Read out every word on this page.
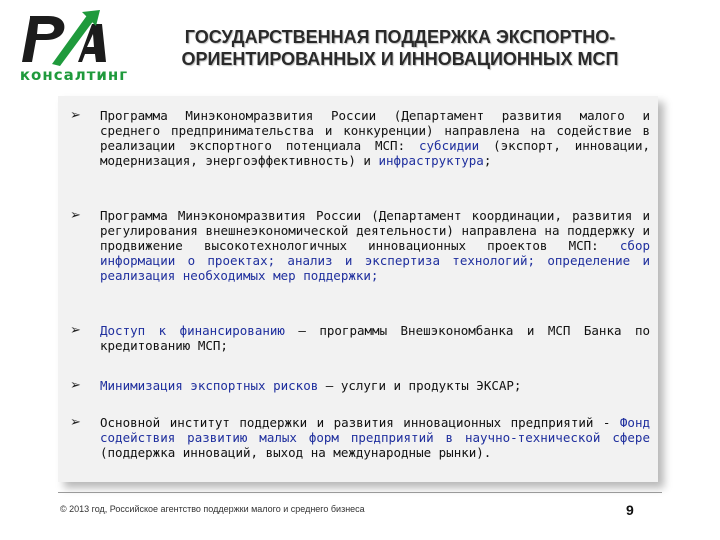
консалтинг
ГОСУДАРСТВЕННАЯ ПОДДЕРЖКА ЭКСПОРТНО-
ОРИЕНТИРОВАННЫХ И ИННОВАЦИОННЫХ МСП
➢	Программа Минэкономразвития России (Департамент развития малого и среднего предпринимательства и конкуренции) направлена на содействие в реализации экспортного потенциала МСП: субсидии (экспорт, инновации, модернизация, энергоэффективность) и инфраструктура;
➢	Программа Минэкономразвития России (Департамент координации, развития и регулирования внешнеэкономической деятельности) направлена на поддержку и продвижение высокотехнологичных инновационных проектов МСП: сбор информации о проектах; анализ и экспертиза технологий; определение и реализация необходимых мер поддержки;
➢	Доступ к финансированию – программы Внешэкономбанка и МСП Банка по кредитованию МСП;
➢	Минимизация экспортных рисков – услуги и продукты ЭКСАР;
➢	Основной институт поддержки и развития инновационных предприятий - Фонд содействия развитию малых форм предприятий в научно-технической сфере (поддержка инноваций, выход на международные рынки).
© 2013 год, Российское агентство поддержки малого и среднего бизнеса	9
